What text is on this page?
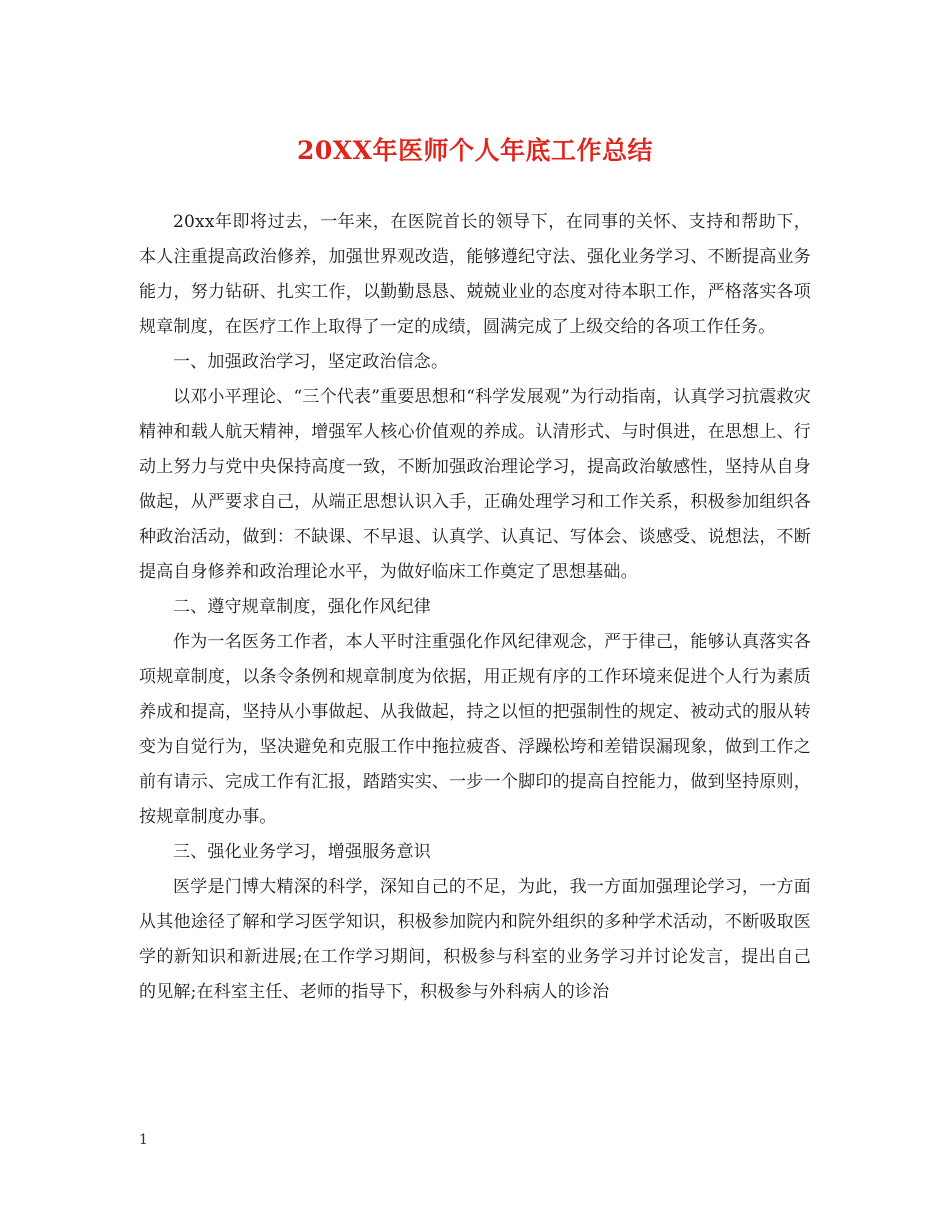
20XX年医师个人年底工作总结

20xx年即将过去，一年来，在医院首长的领导下，在同事的关怀、支持和帮助下，本人注重提高政治修养，加强世界观改造，能够遵纪守法、强化业务学习、不断提高业务能力，努力钻研、扎实工作，以勤勤恳恳、兢兢业业的态度对待本职工作，严格落实各项规章制度，在医疗工作上取得了一定的成绩，圆满完成了上级交给的各项工作任务。

一、加强政治学习，坚定政治信念。

以邓小平理论、“三个代表”重要思想和“科学发展观”为行动指南，认真学习抗震救灾精神和载人航天精神，增强军人核心价值观的养成。认清形式、与时俱进，在思想上、行动上努力与党中央保持高度一致，不断加强政治理论学习，提高政治敏感性，坚持从自身做起，从严要求自己，从端正思想认识入手，正确处理学习和工作关系，积极参加组织各种政治活动，做到：不缺课、不早退、认真学、认真记、写体会、谈感受、说想法，不断提高自身修养和政治理论水平，为做好临床工作奠定了思想基础。

二、遵守规章制度，强化作风纪律

作为一名医务工作者，本人平时注重强化作风纪律观念，严于律己，能够认真落实各项规章制度，以条令条例和规章制度为依据，用正规有序的工作环境来促进个人行为素质养成和提高，坚持从小事做起、从我做起，持之以恒的把强制性的规定、被动式的服从转变为自觉行为，坚决避免和克服工作中拖拉疲沓、浮躁松垮和差错误漏现象，做到工作之前有请示、完成工作有汇报，踏踏实实、一步一个脚印的提高自控能力，做到坚持原则，按规章制度办事。

三、强化业务学习，增强服务意识

医学是门博大精深的科学，深知自己的不足，为此，我一方面加强理论学习，一方面从其他途径了解和学习医学知识，积极参加院内和院外组织的多种学术活动，不断吸取医学的新知识和新进展;在工作学习期间，积极参与科室的业务学习并讨论发言，提出自己的见解;在科室主任、老师的指导下，积极参与外科病人的诊治

1
